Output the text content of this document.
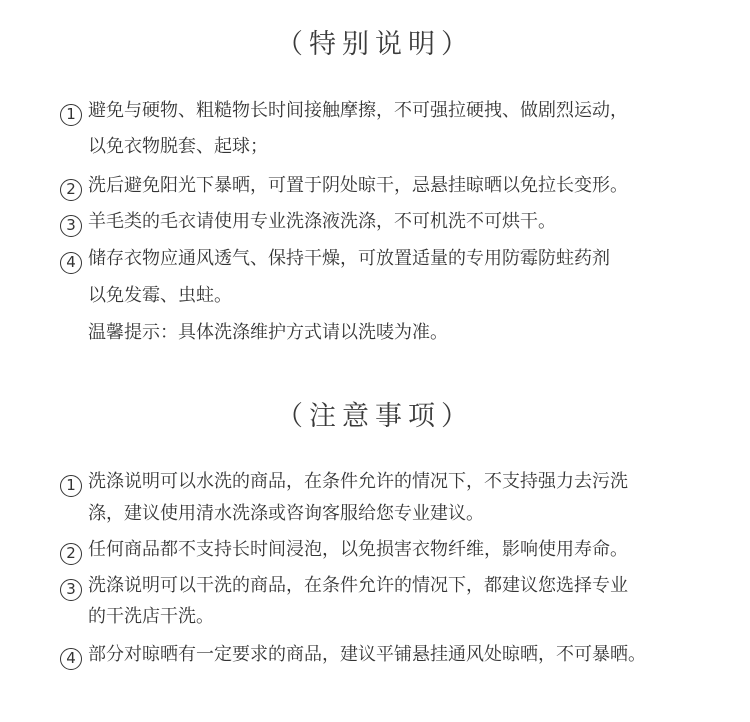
（特别说明）
1 避免与硬物、粗糙物长时间接触摩擦，不可强拉硬拽、做剧烈运动，
以免衣物脱套、起球；
2 洗后避免阳光下暴晒，可置于阴处晾干，忌悬挂晾晒以免拉长变形。
3 羊毛类的毛衣请使用专业洗涤液洗涤，不可机洗不可烘干。
4 储存衣物应通风透气、保持干燥，可放置适量的专用防霉防蛀药剂
以免发霉、虫蛀。
温馨提示：具体洗涤维护方式请以洗唛为准。
（注意事项）
1 洗涤说明可以水洗的商品，在条件允许的情况下，不支持强力去污洗
涤，建议使用清水洗涤或咨询客服给您专业建议。
2 任何商品都不支持长时间浸泡，以免损害衣物纤维，影响使用寿命。
3 洗涤说明可以干洗的商品，在条件允许的情况下，都建议您选择专业
的干洗店干洗。
4 部分对晾晒有一定要求的商品，建议平铺悬挂通风处晾晒，不可暴晒。
